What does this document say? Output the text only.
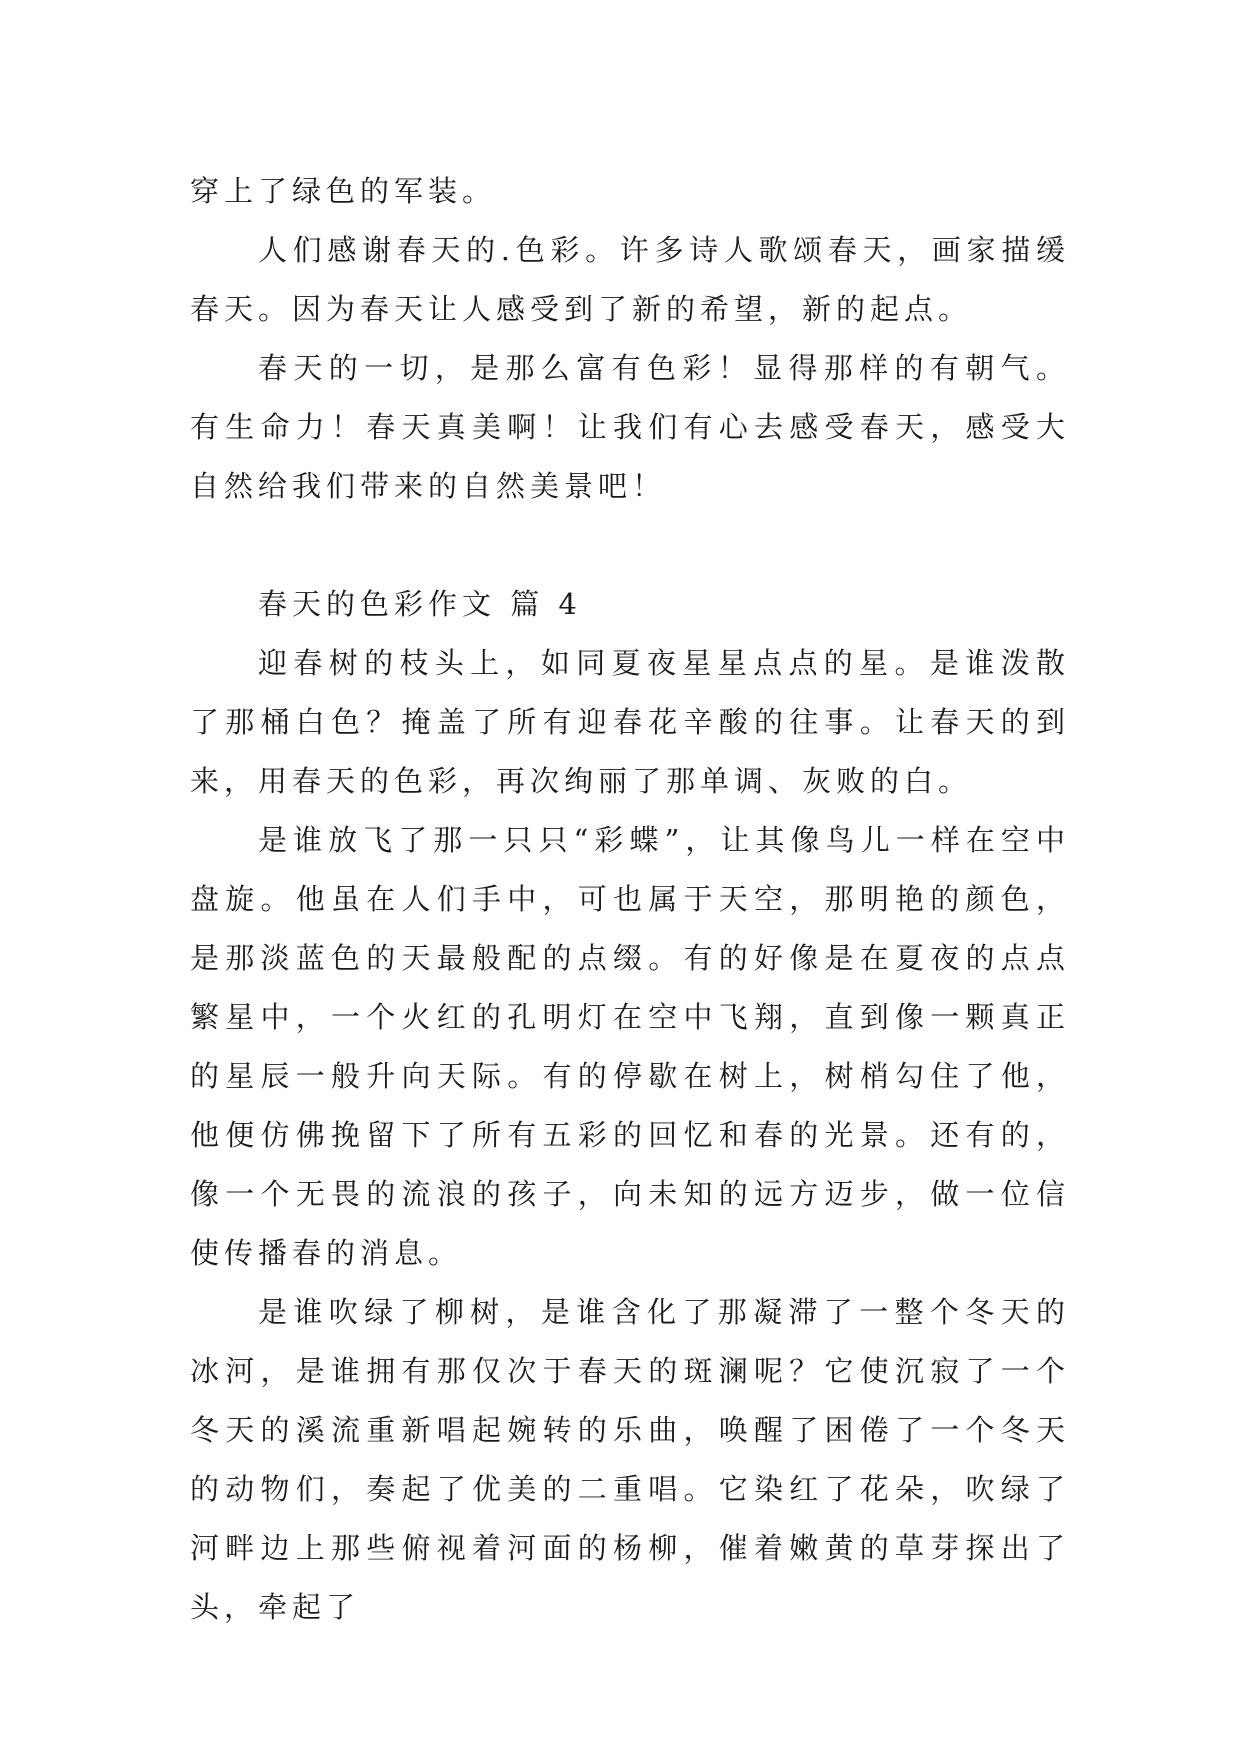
穿上了绿色的军装。

人们感谢春天的.色彩。许多诗人歌颂春天，画家描缓春天。因为春天让人感受到了新的希望，新的起点。

春天的一切，是那么富有色彩！显得那样的有朝气。有生命力！春天真美啊！让我们有心去感受春天，感受大自然给我们带来的自然美景吧！

春天的色彩作文 篇 4

迎春树的枝头上，如同夏夜星星点点的星。是谁泼散了那桶白色？掩盖了所有迎春花辛酸的往事。让春天的到来，用春天的色彩，再次绚丽了那单调、灰败的白。

是谁放飞了那一只只“彩蝶”，让其像鸟儿一样在空中盘旋。他虽在人们手中，可也属于天空，那明艳的颜色，是那淡蓝色的天最般配的点缀。有的好像是在夏夜的点点繁星中，一个火红的孔明灯在空中飞翔，直到像一颗真正的星辰一般升向天际。有的停歇在树上，树梢勾住了他，他便仿佛挽留下了所有五彩的回忆和春的光景。还有的，像一个无畏的流浪的孩子，向未知的远方迈步，做一位信使传播春的消息。

是谁吹绿了柳树，是谁含化了那凝滞了一整个冬天的冰河，是谁拥有那仅次于春天的斑澜呢？它使沉寂了一个冬天的溪流重新唱起婉转的乐曲，唤醒了困倦了一个冬天的动物们，奏起了优美的二重唱。它染红了花朵，吹绿了河畔边上那些俯视着河面的杨柳，催着嫩黄的草芽探出了头，牵起了
